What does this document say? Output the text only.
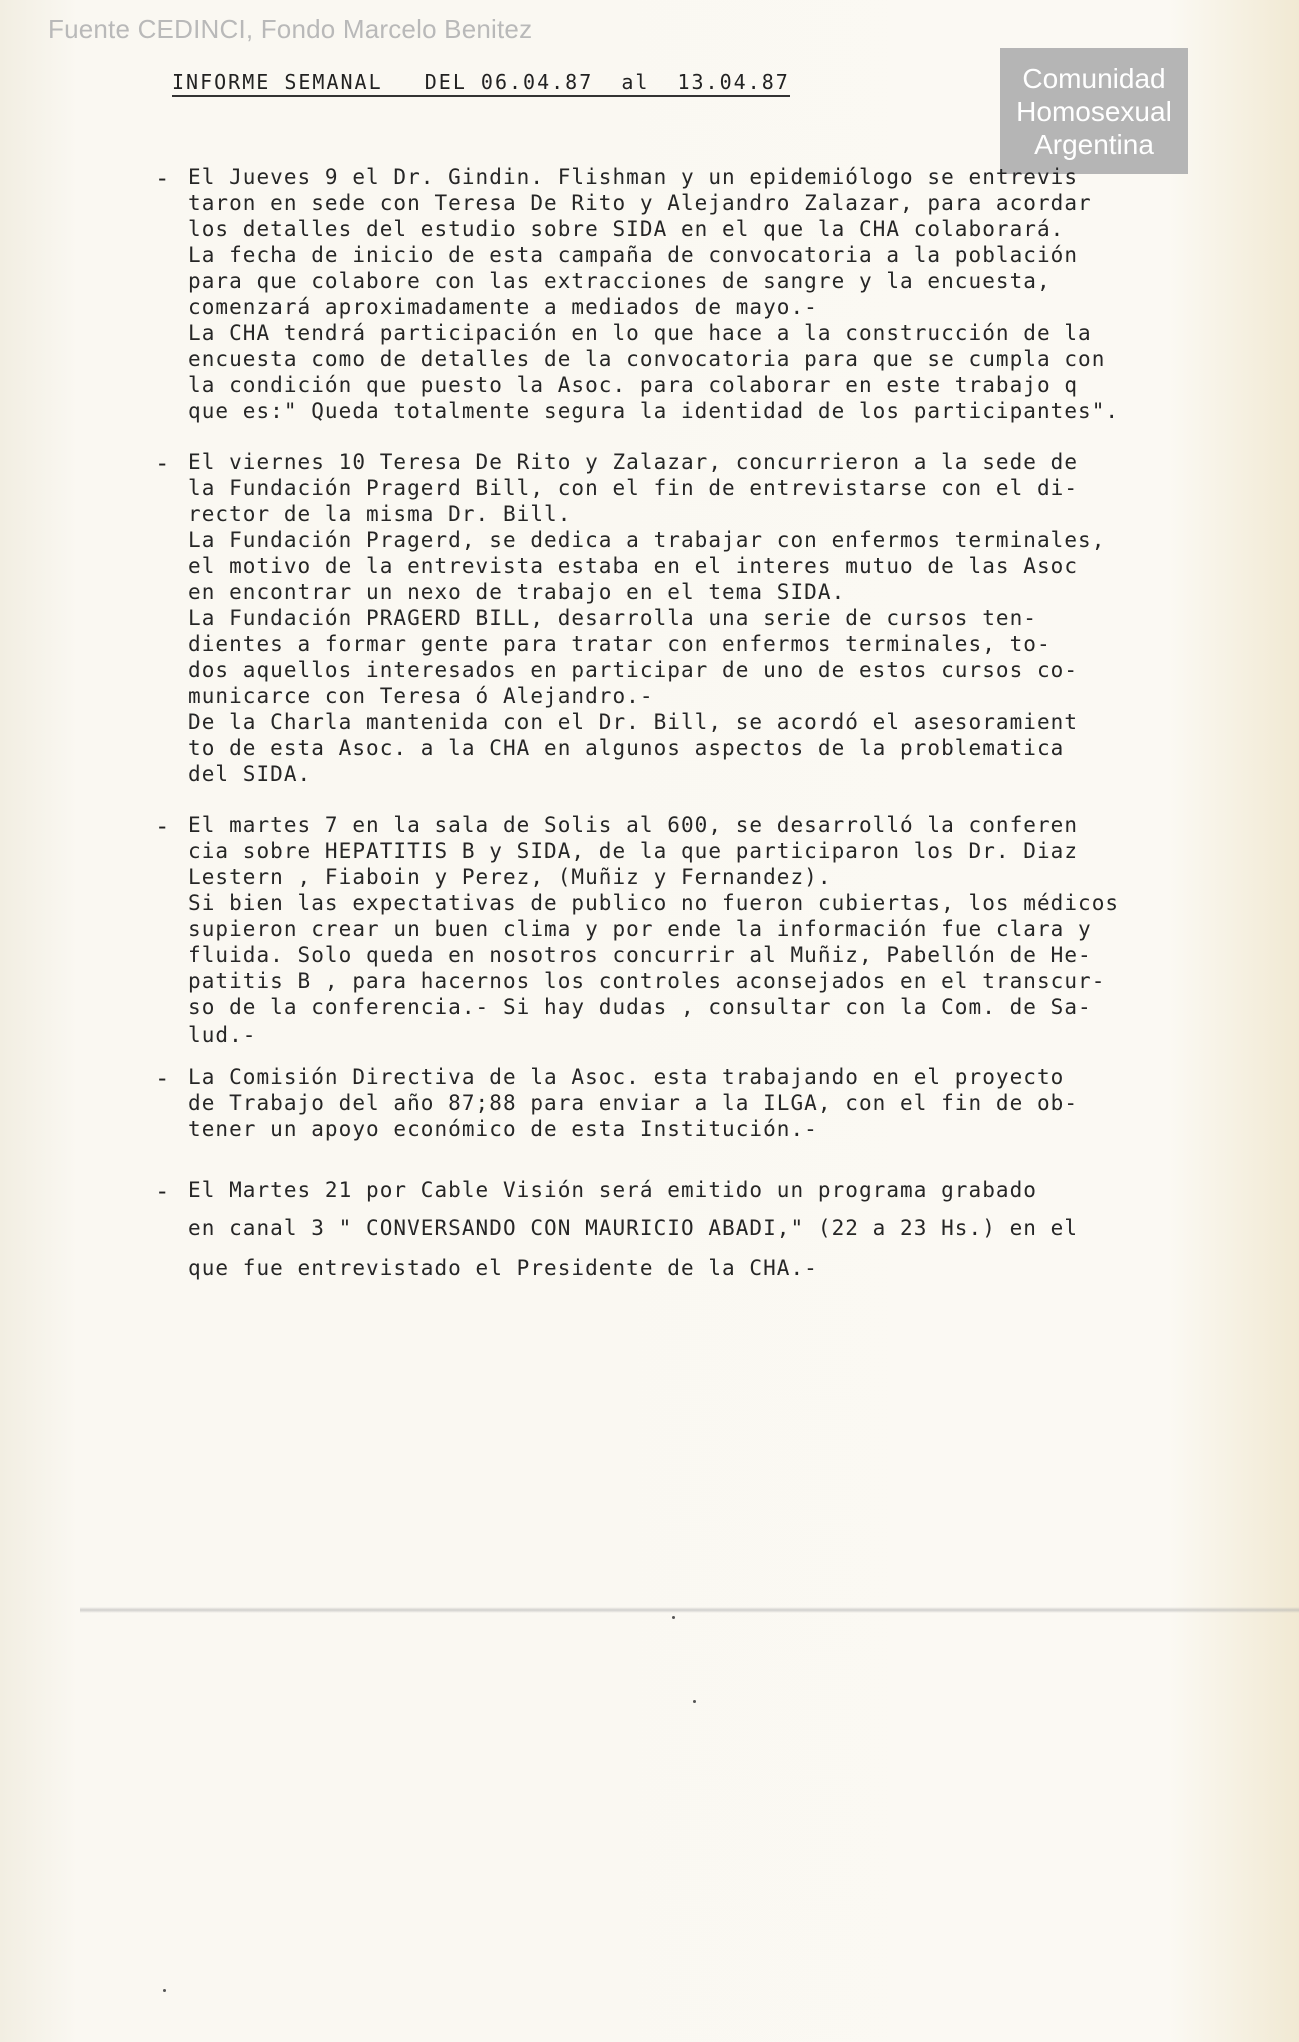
Fuente CEDINCI, Fondo Marcelo Benitez
Comunidad
Homosexual
Argentina
INFORME SEMANAL   DEL 06.04.87  al  13.04.87
- El Jueves 9 el Dr. Gindin. Flishman y un epidemiólogo se entrevis
taron en sede con Teresa De Rito y Alejandro Zalazar, para acordar
los detalles del estudio sobre SIDA en el que la CHA colaborará.
La fecha de inicio de esta campaña de convocatoria a la población
para que colabore con las extracciones de sangre y la encuesta,
comenzará aproximadamente a mediados de mayo.-
La CHA tendrá participación en lo que hace a la construcción de la
encuesta como de detalles de la convocatoria para que se cumpla con
la condición que puesto la Asoc. para colaborar en este trabajo q
que es:" Queda totalmente segura la identidad de los participantes".
- El viernes 10 Teresa De Rito y Zalazar, concurrieron a la sede de
la Fundación Pragerd Bill, con el fin de entrevistarse con el di-
rector de la misma Dr. Bill.
La Fundación Pragerd, se dedica a trabajar con enfermos terminales,
el motivo de la entrevista estaba en el interes mutuo de las Asoc
en encontrar un nexo de trabajo en el tema SIDA.
La Fundación PRAGERD BILL, desarrolla una serie de cursos ten-
dientes a formar gente para tratar con enfermos terminales, to-
dos aquellos interesados en participar de uno de estos cursos co-
municarce con Teresa ó Alejandro.-
De la Charla mantenida con el Dr. Bill, se acordó el asesoramient
to de esta Asoc. a la CHA en algunos aspectos de la problematica
del SIDA.
- El martes 7 en la sala de Solis al 600, se desarrolló la conferen
cia sobre HEPATITIS B y SIDA, de la que participaron los Dr. Diaz
Lestern , Fiaboin y Perez, (Muñiz y Fernandez).
Si bien las expectativas de publico no fueron cubiertas, los médicos
supieron crear un buen clima y por ende la información fue clara y
fluida. Solo queda en nosotros concurrir al Muñiz, Pabellón de He-
patitis B , para hacernos los controles aconsejados en el transcur-
so de la conferencia.- Si hay dudas , consultar con la Com. de Sa-
lud.-
- La Comisión Directiva de la Asoc. esta trabajando en el proyecto
de Trabajo del año 87;88 para enviar a la ILGA, con el fin de ob-
tener un apoyo económico de esta Institución.-
- El Martes 21 por Cable Visión será emitido un programa grabado
en canal 3 " CONVERSANDO CON MAURICIO ABADI," (22 a 23 Hs.) en el
que fue entrevistado el Presidente de la CHA.-
